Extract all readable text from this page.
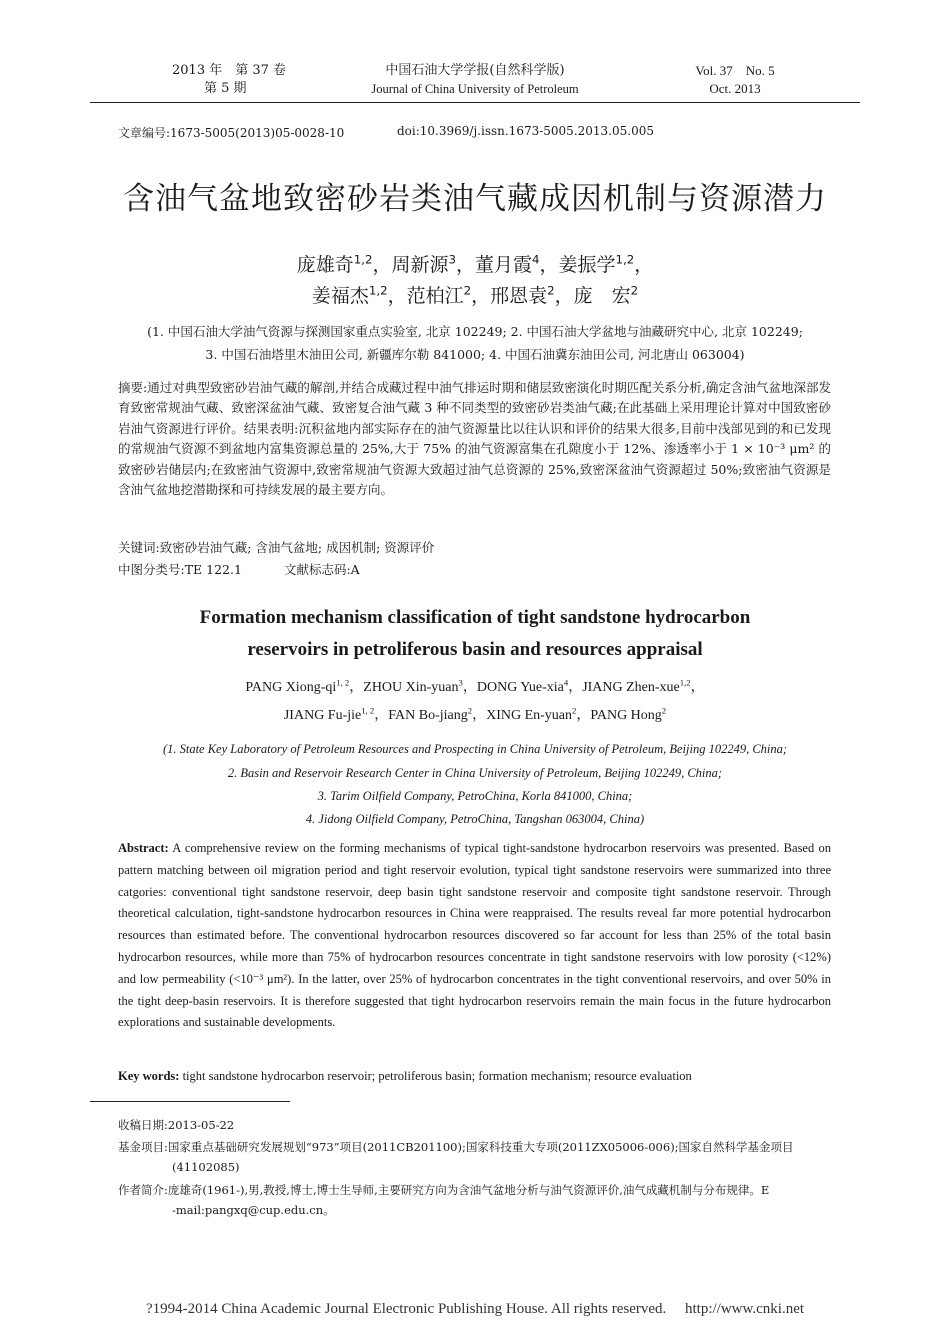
2013 年　第 37 卷
第 5 期
中国石油大学学报(自然科学版)
Journal of China University of Petroleum
Vol. 37　No. 5
Oct. 2013
文章编号:1673-5005(2013)05-0028-10	doi:10.3969/j.issn.1673-5005.2013.05.005
含油气盆地致密砂岩类油气藏成因机制与资源潜力
庞雄奇$^{1,2}$，周新源$^3$，董月霞$^4$，姜振学$^{1,2}$，
姜福杰$^{1,2}$，范柏江$^2$，邢恩袁$^2$，庞　宏$^2$
(1. 中国石油大学油气资源与探测国家重点实验室, 北京 102249; 2. 中国石油大学盆地与油藏研究中心, 北京 102249;
3. 中国石油塔里木油田公司, 新疆库尔勒 841000; 4. 中国石油冀东油田公司, 河北唐山 063004)
摘要:通过对典型致密砂岩油气藏的解剖,并结合成藏过程中油气排运时期和储层致密演化时期匹配关系分析,确定含油气盆地深部发育致密常规油气藏、致密深盆油气藏、致密复合油气藏 3 种不同类型的致密砂岩类油气藏;在此基础上采用理论计算对中国致密砂岩油气资源进行评价。结果表明:沉积盆地内部实际存在的油气资源量比以往认识和评价的结果大很多,目前中浅部见到的和已发现的常规油气资源不到盆地内富集资源总量的 25%,大于 75% 的油气资源富集在孔隙度小于 12%、渗透率小于 1 × 10⁻³ μm² 的致密砂岩储层内;在致密油气资源中,致密常规油气资源大致超过油气总资源的 25%,致密深盆油气资源超过 50%;致密油气资源是含油气盆地挖潜勘探和可持续发展的最主要方向。
关键词:致密砂岩油气藏; 含油气盆地; 成因机制; 资源评价
中图分类号:TE 122.1	文献标志码:A
Formation mechanism classification of tight sandstone hydrocarbon
reservoirs in petroliferous basin and resources appraisal
PANG Xiong-qi$^{1, 2}$，ZHOU Xin-yuan$^3$，DONG Yue-xia$^4$，JIANG Zhen-xue$^{1,2}$，
JIANG Fu-jie$^{1, 2}$，FAN Bo-jiang$^2$，XING En-yuan$^2$，PANG Hong$^2$
(1. State Key Laboratory of Petroleum Resources and Prospecting in China University of Petroleum, Beijing 102249, China;
2. Basin and Reservoir Research Center in China University of Petroleum, Beijing 102249, China;
3. Tarim Oilfield Company, PetroChina, Korla 841000, China;
4. Jidong Oilfield Company, PetroChina, Tangshan 063004, China)
Abstract: A comprehensive review on the forming mechanisms of typical tight-sandstone hydrocarbon reservoirs was presented. Based on pattern matching between oil migration period and tight reservoir evolution, typical tight sandstone reservoirs were summarized into three catgories: conventional tight sandstone reservoir, deep basin tight sandstone reservoir and composite tight sandstone reservoir. Through theoretical calculation, tight-sandstone hydrocarbon resources in China were reappraised. The results reveal far more potential hydrocarbon resources than estimated before. The conventional hydrocarbon resources discovered so far account for less than 25% of the total basin hydrocarbon resources, while more than 75% of hydrocarbon resources concentrate in tight sandstone reservoirs with low porosity (<12%) and low permeability (<10⁻³ μm²). In the latter, over 25% of hydrocarbon concentrates in the tight conventional reservoirs, and over 50% in the tight deep-basin reservoirs. It is therefore suggested that tight hydrocarbon reservoirs remain the main focus in the future hydrocarbon explorations and sustainable developments.
Key words: tight sandstone hydrocarbon reservoir; petroliferous basin; formation mechanism; resource evaluation
收稿日期:2013-05-22
基金项目:国家重点基础研究发展规划“973”项目(2011CB201100);国家科技重大专项(2011ZX05006-006);国家自然科学基金项目
(41102085)
作者简介:庞雄奇(1961-),男,教授,博士,博士生导师,主要研究方向为含油气盆地分析与油气资源评价,油气成藏机制与分布规律。E
-mail:pangxq@cup.edu.cn。
?1994-2014 China Academic Journal Electronic Publishing House. All rights reserved.　 http://www.cnki.net
